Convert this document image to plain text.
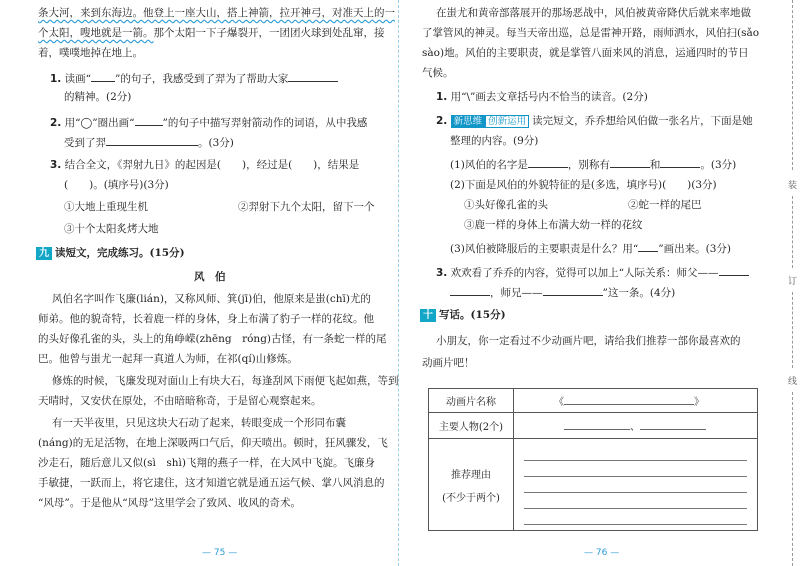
条大河，来到东海边。他登上一座大山，搭上神箭，拉开神弓，对准天上的一
个太阳，嗖地就是一箭。那个太阳一下子爆裂开，一团团火球到处乱窜，接
着，噗噗地掉在地上。
1. 读画“ ”的句子，我感受到了羿为了帮助大家
的精神。(2分)
2. 用“◯”圈出画“	”的句子中描写羿射箭动作的词语，从中我感
受到了羿	。(3分)
3. 结合全文，《羿射九日》的起因是(　　)，经过是(　　)，结果是
(　　)。(填序号)(3分)
①大地上重现生机	②羿射下九个太阳，留下一个
③十个太阳炙烤大地
九 读短文，完成练习。(15分)
风　伯
风伯名字叫作飞廉(lián)，又称风师、箕(jī)伯，他原来是蚩(chī)尤的
师弟。他的貌奇特，长着鹿一样的身体，身上布满了豹子一样的花纹。他
的头好像孔雀的头，头上的角峥嵘(zhēng　róng)古怪，有一条蛇一样的尾
巴。他曾与蚩尤一起拜一真道人为师，在祁(qí)山修炼。
修炼的时候，飞廉发现对面山上有块大石，每逢刮风下雨便飞起如燕，等到
天晴时，又安伏在原处，不由暗暗称奇，于是留心观察起来。
有一天半夜里，只见这块大石动了起来，转眼变成一个形同布囊
(náng)的无足活物，在地上深吸两口气后，仰天喷出。顿时，狂风骤发，飞
沙走石，随后意儿又似(sì　shì)飞翔的燕子一样，在大风中飞旋。飞廉身
手敏捷，一跃而上，将它逮住，这才知道它就是通五运气候、掌八风消息的
“风母”。于是他从“风母”这里学会了致风、收风的奇术。
— 75 —
在蚩尤和黄帝部落展开的那场恶战中，风伯被黄帝降伏后就来率地做
了掌管风的神灵。每当天帝出巡，总是雷神开路，雨师洒水，风伯扫(sǎo
sào)地。风伯的主要职责，就是掌管八面来风的消息，运通四时的节日
气候。
1. 用“\”画去文章括号内不恰当的读音。(2分)
2. 新思维 创新运用 读完短文，乔乔想给风伯做一张名片，下面是她
整理的内容。(9分)
(1)风伯的名字是	，别称有	和	。(3分)
(2)下面是风伯的外貌特征的是(多选，填序号)(　　)(3分)
①头好像孔雀的头	②蛇一样的尾巴
③鹿一样的身体上布满大幼一样的花纹
(3)风伯被降服后的主要职责是什么？用“ ”画出来。(3分)
3. 欢欢看了乔乔的内容，觉得可以加上“人际关系：师父——
，师兄——	”这一条。(4分)
十 写话。(15分)
小朋友，你一定看过不少动画片吧，请给我们推荐一部你最喜欢的
动画片吧！
— 76 —
动画片名称	《 》
主要人物(2个)	、

推荐理由
(不少于两个)	

装
订
线
